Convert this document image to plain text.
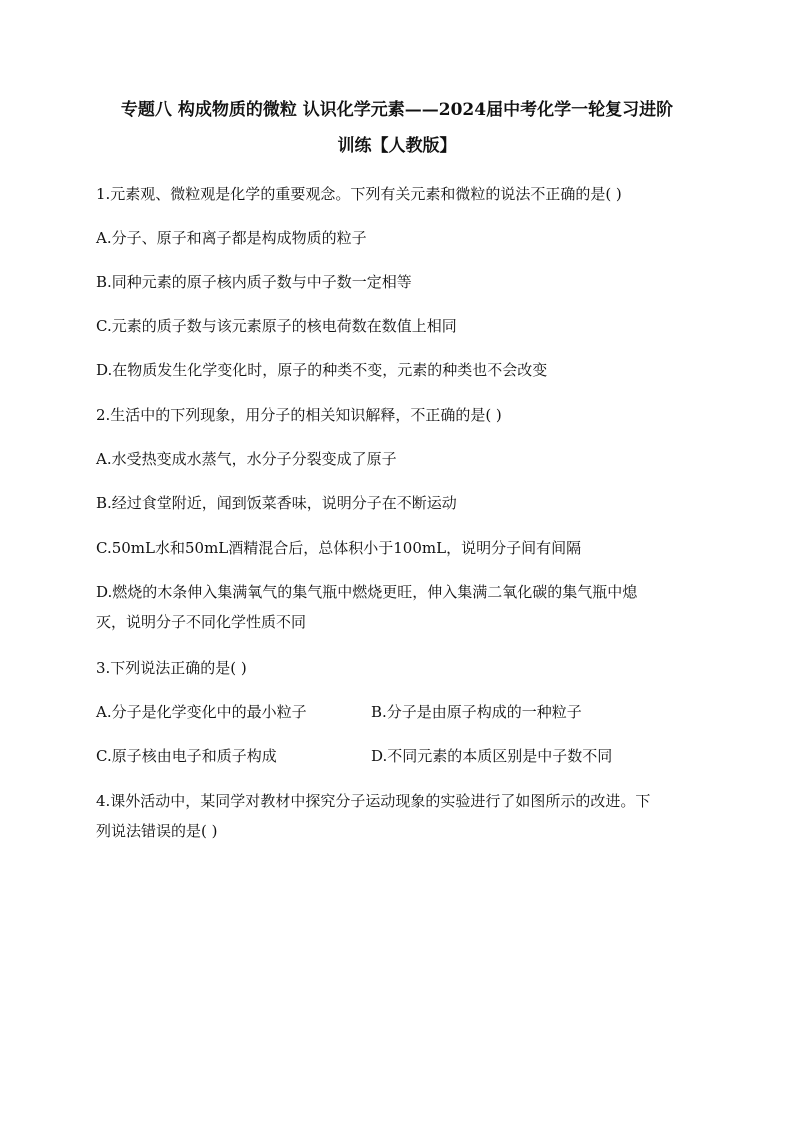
专题八 构成物质的微粒 认识化学元素——2024届中考化学一轮复习进阶
训练【人教版】
1.元素观、微粒观是化学的重要观念。下列有关元素和微粒的说法不正确的是( )
A.分子、原子和离子都是构成物质的粒子
B.同种元素的原子核内质子数与中子数一定相等
C.元素的质子数与该元素原子的核电荷数在数值上相同
D.在物质发生化学变化时，原子的种类不变，元素的种类也不会改变
2.生活中的下列现象，用分子的相关知识解释，不正确的是( )
A.水受热变成水蒸气，水分子分裂变成了原子
B.经过食堂附近，闻到饭菜香味，说明分子在不断运动
C.50mL水和50mL酒精混合后，总体积小于100mL，说明分子间有间隔
D.燃烧的木条伸入集满氧气的集气瓶中燃烧更旺，伸入集满二氧化碳的集气瓶中熄
灭，说明分子不同化学性质不同
3.下列说法正确的是( )
A.分子是化学变化中的最小粒子	B.分子是由原子构成的一种粒子
C.原子核由电子和质子构成	D.不同元素的本质区别是中子数不同
4.课外活动中，某同学对教材中探究分子运动现象的实验进行了如图所示的改进。下
列说法错误的是( )
